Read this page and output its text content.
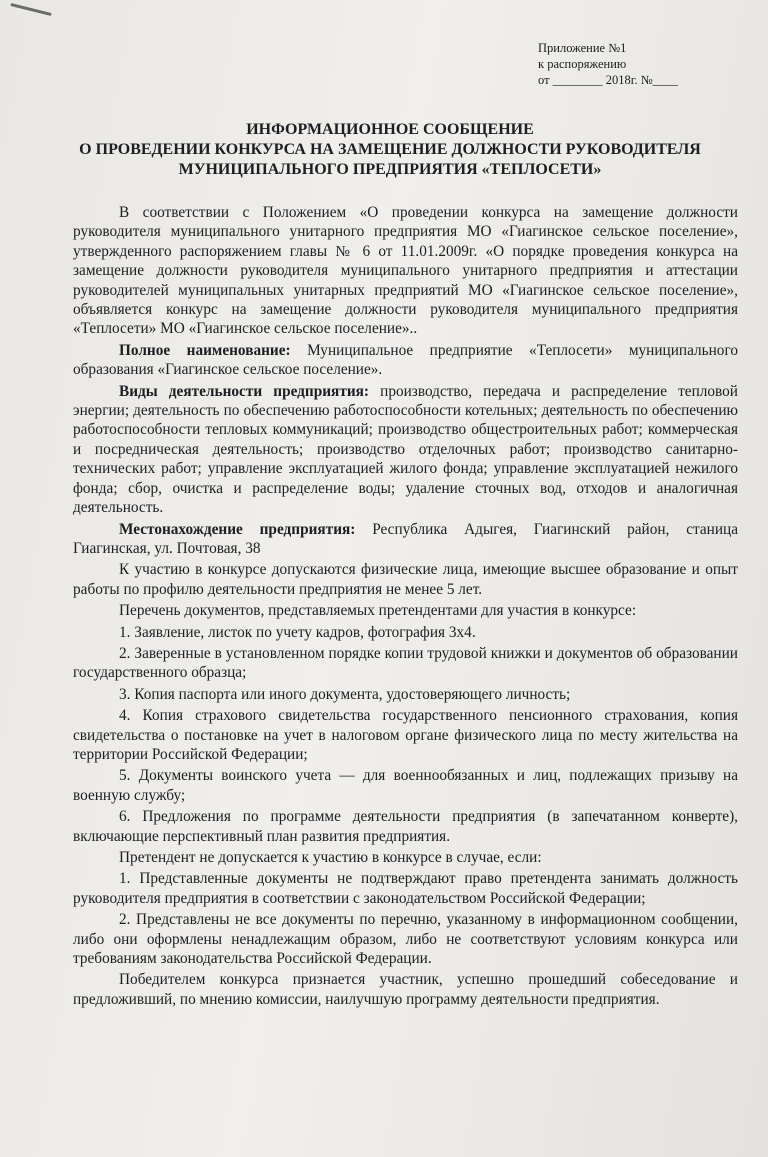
Приложение №1
к распоряжению
от ________ 2018г. №____
ИНФОРМАЦИОННОЕ СООБЩЕНИЕ
О ПРОВЕДЕНИИ КОНКУРСА НА ЗАМЕЩЕНИЕ ДОЛЖНОСТИ РУКОВОДИТЕЛЯ
МУНИЦИПАЛЬНОГО ПРЕДПРИЯТИЯ «ТЕПЛОСЕТИ»

В соответствии с Положением «О проведении конкурса на замещение должности руководителя муниципального унитарного предприятия МО «Гиагинское сельское поселение», утвержденного распоряжением главы № 6 от 11.01.2009г. «О порядке проведения конкурса на замещение должности руководителя муниципального унитарного предприятия и аттестации руководителей муниципальных унитарных предприятий МО «Гиагинское сельское поселение», объявляется конкурс на замещение должности руководителя муниципального предприятия «Теплосети» МО «Гиагинское сельское поселение»..

Полное наименование: Муниципальное предприятие «Теплосети» муниципального образования «Гиагинское сельское поселение».

Виды деятельности предприятия: производство, передача и распределение тепловой энергии; деятельность по обеспечению работоспособности котельных; деятельность по обеспечению работоспособности тепловых коммуникаций; производство общестроительных работ; коммерческая и посредническая деятельность; производство отделочных работ; производство санитарно-технических работ; управление эксплуатацией жилого фонда; управление эксплуатацией нежилого фонда; сбор, очистка и распределение воды; удаление сточных вод, отходов и аналогичная деятельность.

Местонахождение предприятия: Республика Адыгея, Гиагинский район, станица Гиагинская, ул. Почтовая, 38

К участию в конкурсе допускаются физические лица, имеющие высшее образование и опыт работы по профилю деятельности предприятия не менее 5 лет.

Перечень документов, представляемых претендентами для участия в конкурсе:

1. Заявление, листок по учету кадров, фотография 3х4.

2. Заверенные в установленном порядке копии трудовой книжки и документов об образовании государственного образца;

3. Копия паспорта или иного документа, удостоверяющего личность;

4. Копия страхового свидетельства государственного пенсионного страхования, копия свидетельства о постановке на учет в налоговом органе физического лица по месту жительства на территории Российской Федерации;

5. Документы воинского учета — для военнообязанных и лиц, подлежащих призыву на военную службу;

6. Предложения по программе деятельности предприятия (в запечатанном конверте), включающие перспективный план развития предприятия.

Претендент не допускается к участию в конкурсе в случае, если:

1. Представленные документы не подтверждают право претендента занимать должность руководителя предприятия в соответствии с законодательством Российской Федерации;

2. Представлены не все документы по перечню, указанному в информационном сообщении, либо они оформлены ненадлежащим образом, либо не соответствуют условиям конкурса или требованиям законодательства Российской Федерации.

Победителем конкурса признается участник, успешно прошедший собеседование и предложивший, по мнению комиссии, наилучшую программу деятельности предприятия.
